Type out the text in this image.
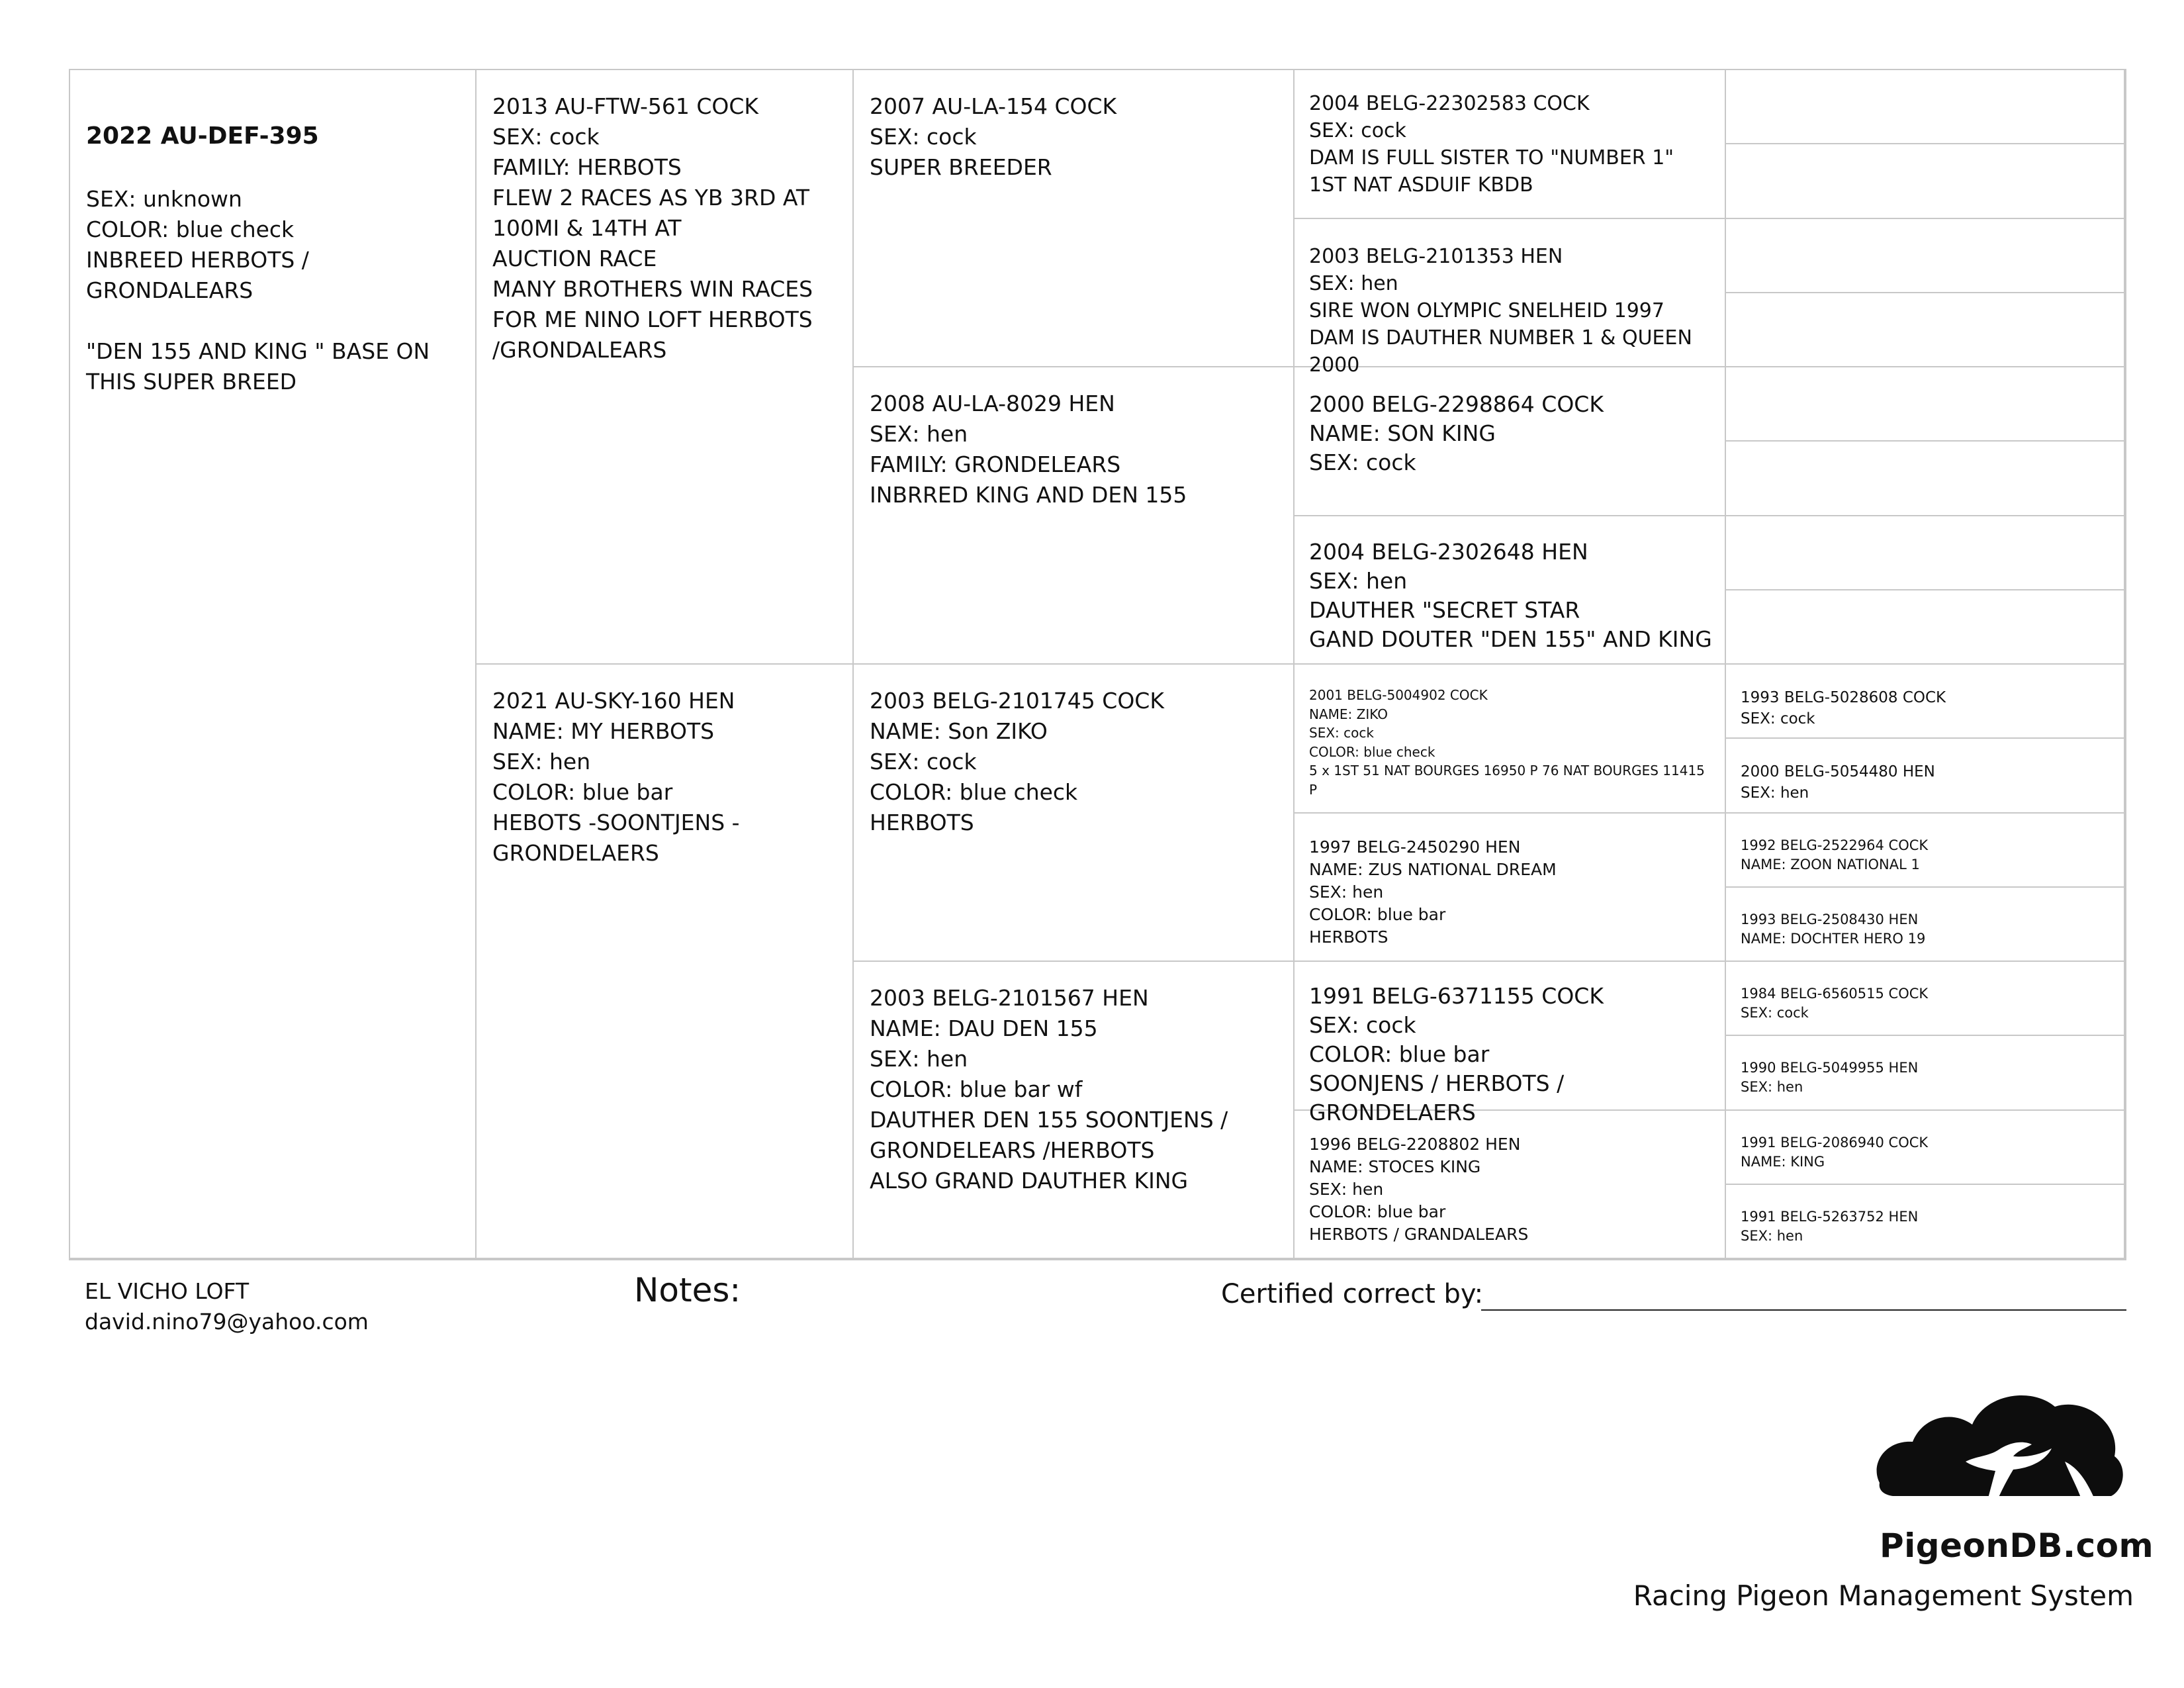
2022 AU-DEF-395

SEX: unknown
COLOR: blue check
INBREED HERBOTS / GRONDALEARS

"DEN 155 AND KING " BASE ON THIS SUPER BREED

2013 AU-FTW-561 COCK
SEX: cock
FAMILY: HERBOTS
FLEW 2 RACES AS YB 3RD AT 100MI & 14TH AT
AUCTION RACE
MANY BROTHERS WIN RACES FOR ME NINO LOFT HERBOTS /GRONDALEARS
2021 AU-SKY-160 HEN
NAME: MY HERBOTS
SEX: hen
COLOR: blue bar
HEBOTS -SOONTJENS -GRONDELAERS
2007 AU-LA-154 COCK
SEX: cock
SUPER BREEDER
2008 AU-LA-8029 HEN
SEX: hen
FAMILY: GRONDELEARS
INBRRED KING AND DEN 155
2003 BELG-2101745 COCK
NAME: Son ZIKO
SEX: cock
COLOR: blue check
HERBOTS
2003 BELG-2101567 HEN
NAME: DAU DEN 155
SEX: hen
COLOR: blue bar wf
DAUTHER DEN 155 SOONTJENS / GRONDELEARS /HERBOTS
ALSO GRAND DAUTHER KING
2004 BELG-22302583 COCK
SEX: cock
DAM IS FULL SISTER TO "NUMBER 1"
1ST NAT ASDUIF KBDB
2003 BELG-2101353 HEN
SEX: hen
SIRE WON OLYMPIC SNELHEID 1997 DAM IS DAUTHER NUMBER 1 & QUEEN 2000
2000 BELG-2298864 COCK
NAME: SON KING
SEX: cock
2004 BELG-2302648 HEN
SEX: hen
DAUTHER "SECRET STAR
GAND DOUTER "DEN 155" AND KING
2001 BELG-5004902 COCK
NAME: ZIKO
SEX: cock
COLOR: blue check
5 x 1ST 51 NAT BOURGES 16950 P 76 NAT BOURGES 11415 P
1997 BELG-2450290 HEN
NAME: ZUS NATIONAL DREAM
SEX: hen
COLOR: blue bar
HERBOTS
1991 BELG-6371155 COCK
SEX: cock
COLOR: blue bar
SOONJENS / HERBOTS / GRONDELAERS
1996 BELG-2208802 HEN
NAME: STOCES KING
SEX: hen
COLOR: blue bar
HERBOTS / GRANDALEARS
1993 BELG-5028608 COCK
SEX: cock
2000 BELG-5054480 HEN
SEX: hen
1992 BELG-2522964 COCK
NAME: ZOON NATIONAL 1
1993 BELG-2508430 HEN
NAME: DOCHTER HERO 19
1984 BELG-6560515 COCK
SEX: cock
1990 BELG-5049955 HEN
SEX: hen
1991 BELG-2086940 COCK
NAME: KING
1991 BELG-5263752 HEN
SEX: hen
EL VICHO LOFT
david.nino79@yahoo.com
Notes:	Certified correct by:
PigeonDB.com
Racing Pigeon Management System
